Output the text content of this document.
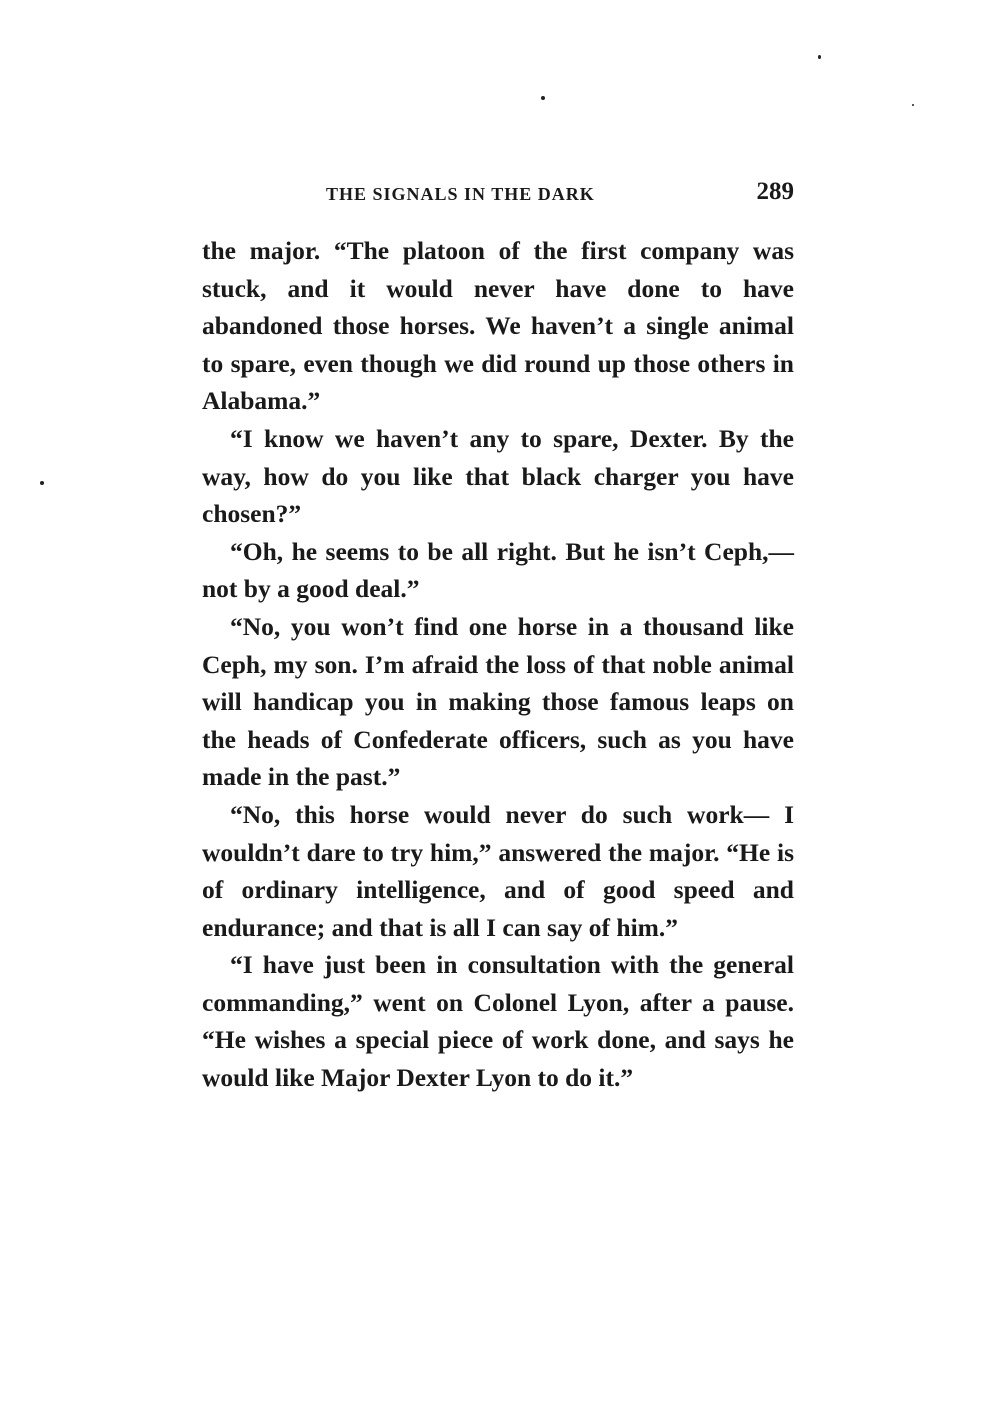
THE SIGNALS IN THE DARK	289

the major. “The platoon of the first company was stuck, and it would never have done to have abandoned those horses. We haven’t a single animal to spare, even though we did round up those others in Alabama.”

“I know we haven’t any to spare, Dexter. By the way, how do you like that black charger you have chosen?”

“Oh, he seems to be all right. But he isn’t Ceph,—not by a good deal.”

“No, you won’t find one horse in a thousand like Ceph, my son. I’m afraid the loss of that noble animal will handicap you in making those famous leaps on the heads of Confederate officers, such as you have made in the past.”

“No, this horse would never do such work— I wouldn’t dare to try him,” answered the major. “He is of ordinary intelligence, and of good speed and endurance; and that is all I can say of him.”

“I have just been in consultation with the general commanding,” went on Colonel Lyon, after a pause. “He wishes a special piece of work done, and says he would like Major Dexter Lyon to do it.”
